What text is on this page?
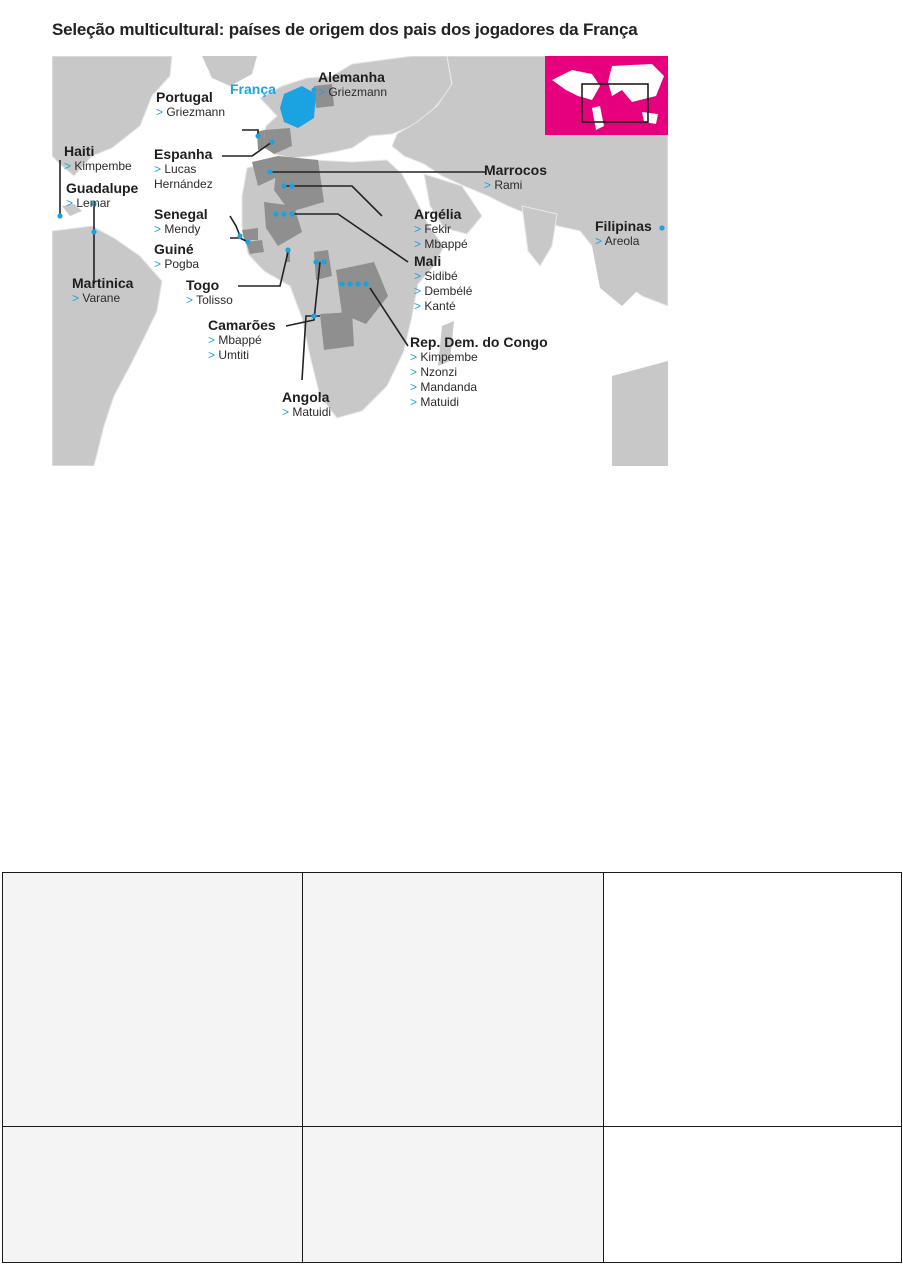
Seleção multicultural: países de origem dos pais dos jogadores da França
Portugal
> Griezmann
França
Alemanha
> Griezmann
Haiti
> Kimpembe
Espanha
> Lucas
Hernández
Guadalupe
> Lemar
Marrocos
> Rami
Senegal
> Mendy
Argélia
> Fekir
> Mbappé
Guiné
> Pogba
Filipinas
> Areola
Mali
> Sidibé
> Dembélé
> Kanté
Togo
> Tolisso
Martinica
> Varane
Camarões
> Mbappé
> Umtiti
Rep. Dem. do Congo
> Kimpembe
> Nzonzi
> Mandanda
> Matuidi
Angola
> Matuidi
